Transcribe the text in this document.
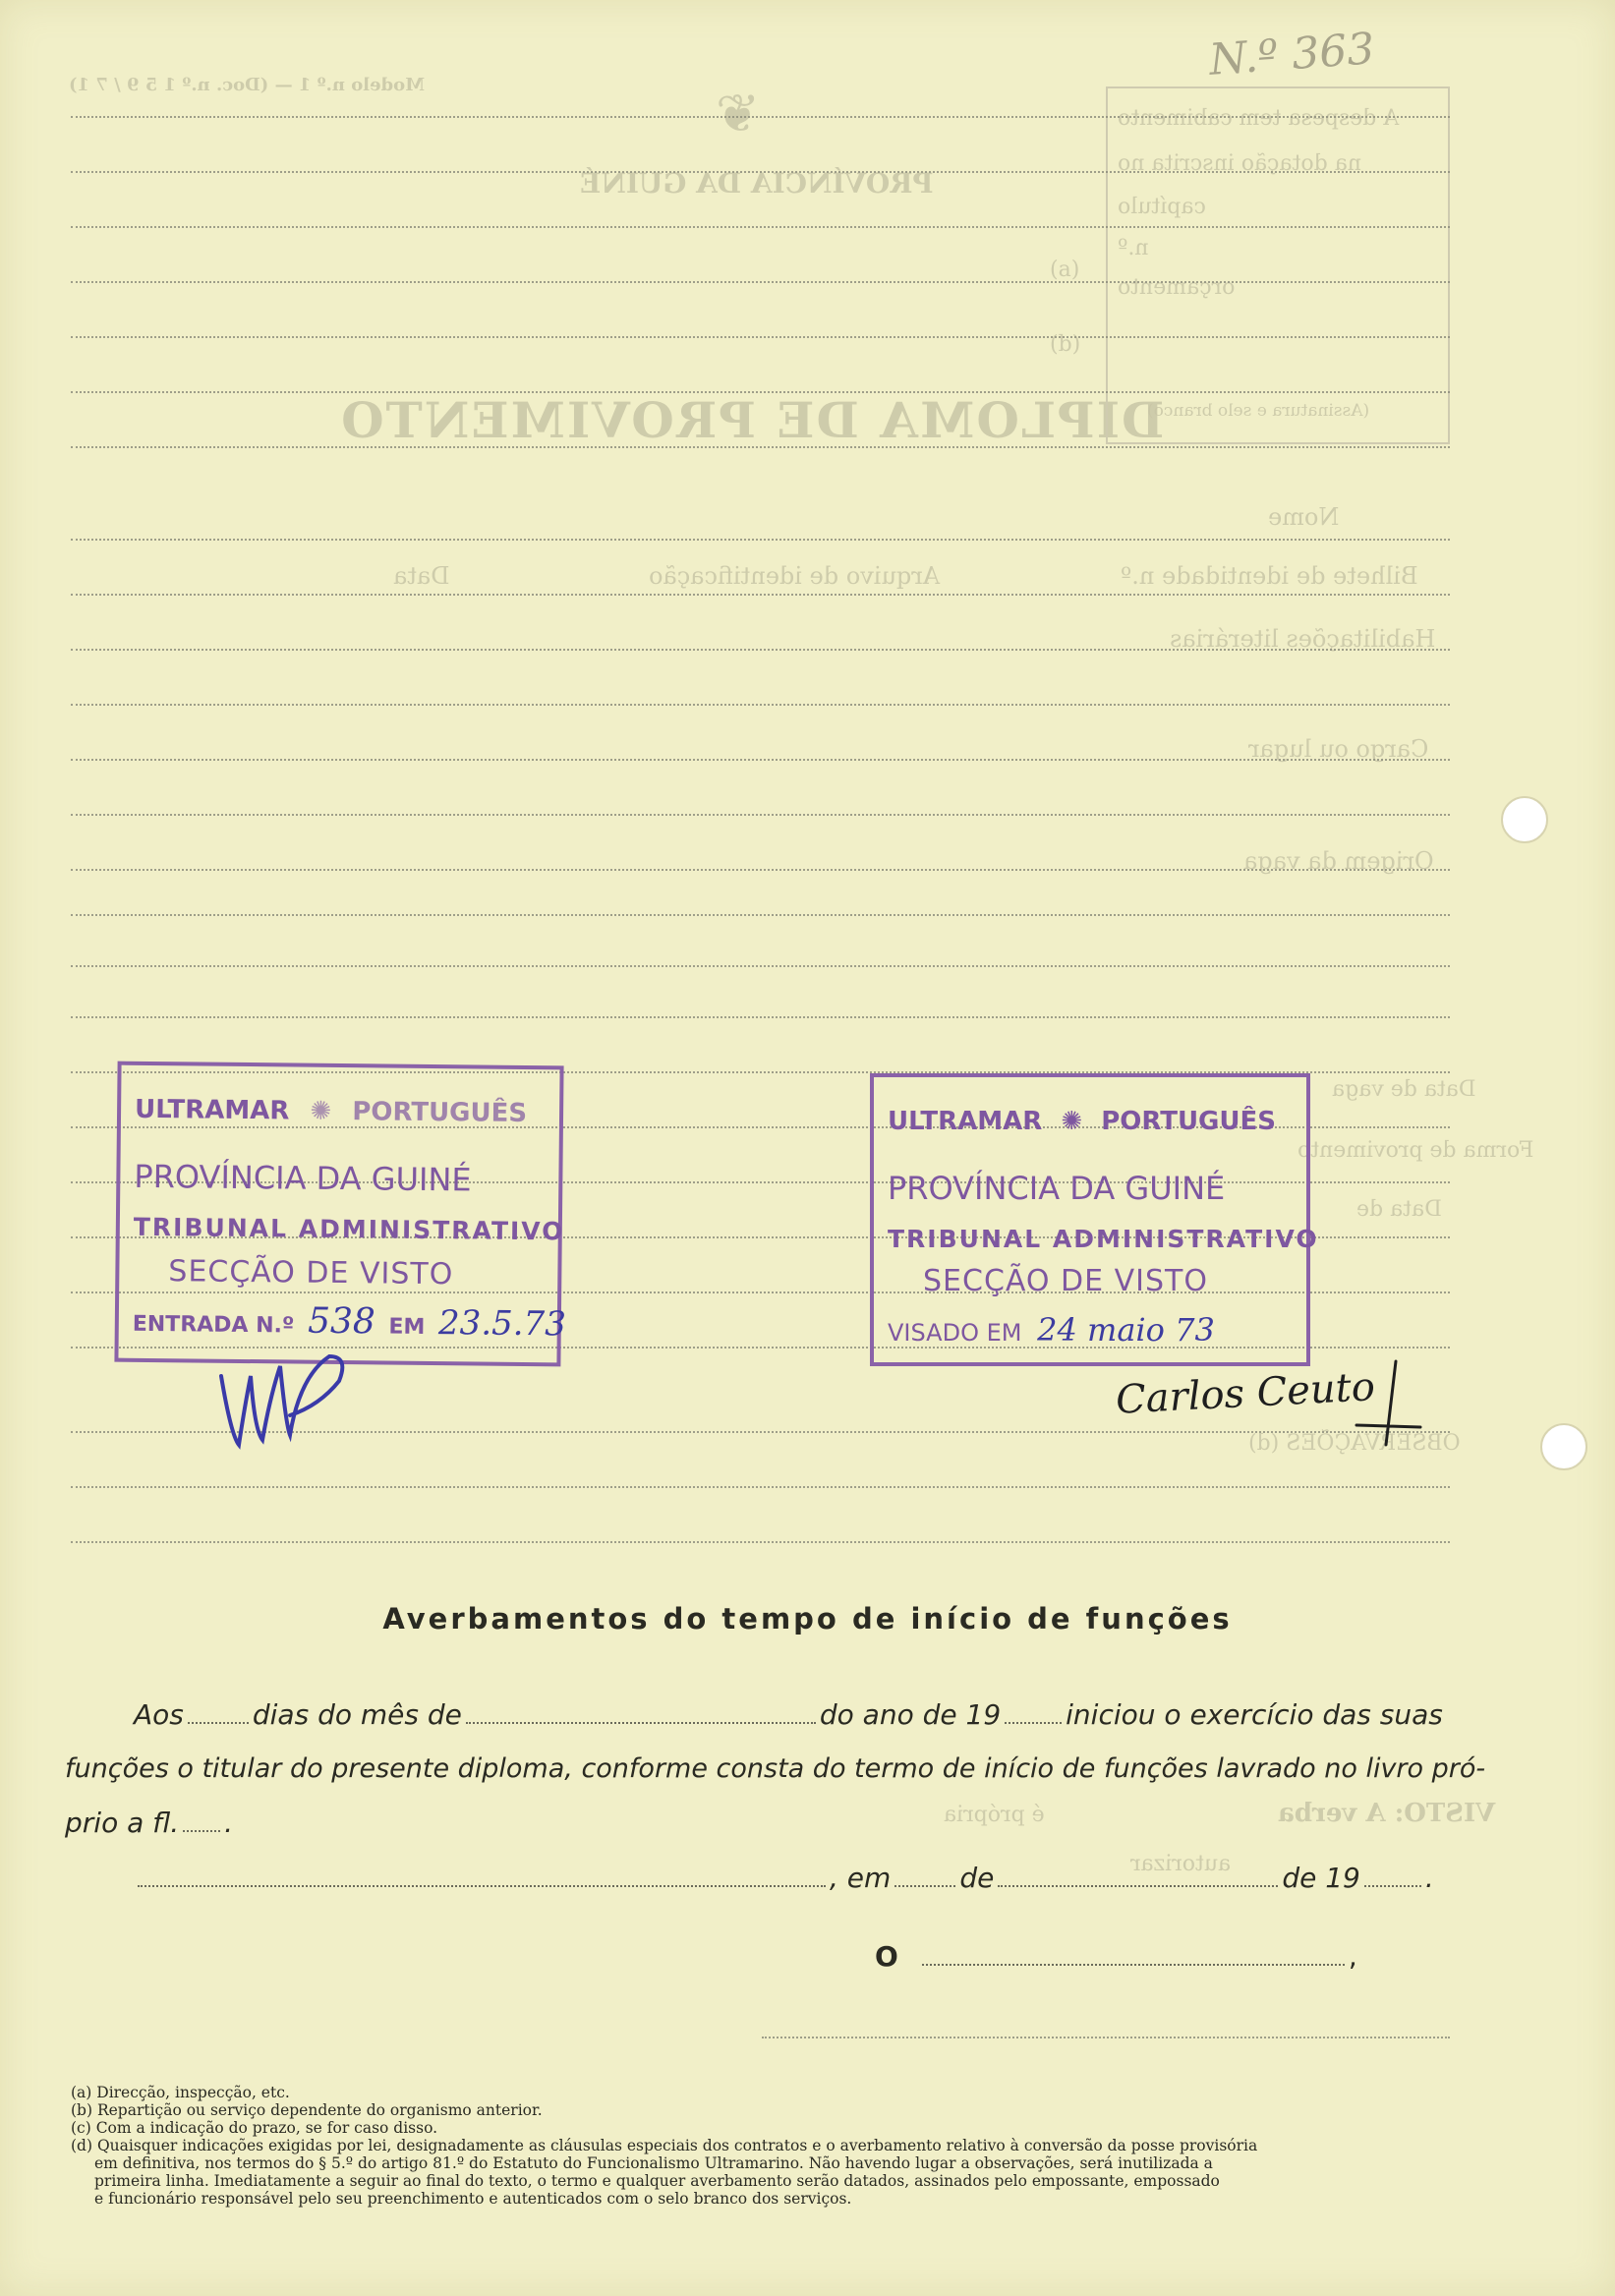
Modelo n.º 1 — (Doc. n.º 1 5 9 / 7 1)	N.º 363
❦
PROVÍNCIA DA GUINÉ
(a)
(b)
DIPLOMA DE PROVIMENTO
A despesa tem cabimento
na dotação inscrita no
capítulo
n.º
orçamento
(Assinatura e selo branco)
Nome
Bilhete de identidade n.º
Arquivo de identificação
Data
Habilitações literárias
Cargo ou lugar
Origem da vaga
Data de vaga
Forma de provimento
Data de
OBSERVAÇÕES (d)
VISTO: A verba
é própria
autorizar
ULTRAMAR ✺ PORTUGUÊS
PROVÍNCIA DA GUINÉ
TRIBUNAL ADMINISTRATIVO
SECÇÃO DE VISTO
ENTRADA N.º 538 EM 23.5.73
ULTRAMAR ✺ PORTUGUÊS
PROVÍNCIA DA GUINÉ
TRIBUNAL ADMINISTRATIVO
SECÇÃO DE VISTO
VISADO EM 24 maio 73
Carlos Ceuto
Averbamentos do tempo de início de funções
Aos	dias do mês de	do ano de 19 iniciou o exercício das suas
funções o titular do presente diploma, conforme consta do termo de início de funções lavrado no livro pró-
prio a fl. .
, em	de	de 19 .
O	,
(a) Direcção, inspecção, etc.
(b) Repartição ou serviço dependente do organismo anterior.
(c) Com a indicação do prazo, se for caso disso.
(d) Quaisquer indicações exigidas por lei, designadamente as cláusulas especiais dos contratos e o averbamento relativo à conversão da posse provisória
em definitiva, nos termos do § 5.º do artigo 81.º do Estatuto do Funcionalismo Ultramarino. Não havendo lugar a observações, será inutilizada a
primeira linha. Imediatamente a seguir ao final do texto, o termo e qualquer averbamento serão datados, assinados pelo empossante, empossado
e funcionário responsável pelo seu preenchimento e autenticados com o selo branco dos serviços.
